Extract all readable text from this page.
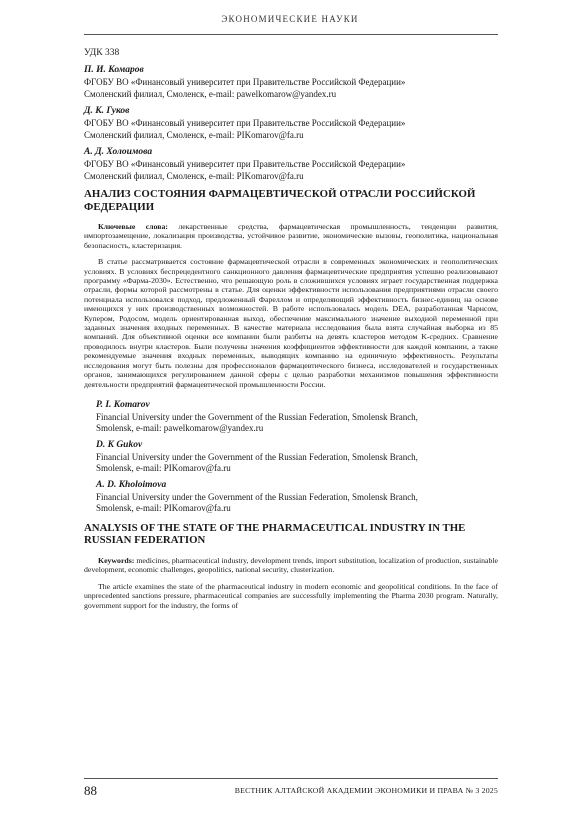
ЭКОНОМИЧЕСКИЕ НАУКИ
УДК 338
П. И. Комаров
ФГОБУ ВО «Финансовый университет при Правительстве Российской Федерации»
Смоленский филиал, Смоленск, e-mail: pawelkomarow@yandex.ru
Д. К. Гуков
ФГОБУ ВО «Финансовый университет при Правительстве Российской Федерации»
Смоленский филиал, Смоленск, e-mail: PIKomarov@fa.ru
А. Д. Холоимова
ФГОБУ ВО «Финансовый университет при Правительстве Российской Федерации»
Смоленский филиал, Смоленск, e-mail: PIKomarov@fa.ru
АНАЛИЗ СОСТОЯНИЯ ФАРМАЦЕВТИЧЕСКОЙ ОТРАСЛИ РОССИЙСКОЙ ФЕДЕРАЦИИ

Ключевые слова: лекарственные средства, фармацевтическая промышленность, тенденции развития, импортозамещение, локализация производства, устойчивое развитие, экономические вызовы, геополитика, национальная безопасность, кластеризация.

В статье рассматривается состояние фармацевтической отрасли в современных экономических и геополитических условиях. В условиях беспрецедентного санкционного давления фармацевтические предприятия успешно реализовывают программу «Фарма-2030». Естественно, что решающую роль в сложившихся условиях играет государственная поддержка отрасли, формы которой рассмотрены в статье. Для оценки эффективности использования предприятиями отрасли своего потенциала использовался подход, предложенный Фареллом и определяющий эффективность бизнес-единиц на основе имеющихся у них производственных возможностей. В работе использовалась модель DEA, разработанная Чарнсом, Купером, Родосом, модель ориентированная выход, обеспечение максимального значение выходной переменной при заданных значения входных переменных. В качестве материала исследования была взята случайная выборка из 85 компаний. Для объективной оценки все компании были разбиты на девять кластеров методом K-средних. Сравнение проводилось внутри кластеров. Были получены значения коэффициентов эффективности для каждой компании, а также рекомендуемые значения входных переменных, выводящих компанию на единичную эффективность. Результаты исследования могут быть полезны для профессионалов фармацевтического бизнеса, исследователей и государственных органов, занимающихся регулированием данной сферы с целью разработки механизмов повышения эффективности деятельности предприятий фармацевтической промышленности России.

P. I. Komarov
Financial University under the Government of the Russian Federation, Smolensk Branch,
Smolensk, e-mail: pawelkomarow@yandex.ru
D. K Gukov
Financial University under the Government of the Russian Federation, Smolensk Branch,
Smolensk, e-mail: PIKomarov@fa.ru
A. D. Kholoimova
Financial University under the Government of the Russian Federation, Smolensk Branch,
Smolensk, e-mail: PIKomarov@fa.ru
ANALYSIS OF THE STATE OF THE PHARMACEUTICAL INDUSTRY IN THE RUSSIAN FEDERATION

Keywords: medicines, pharmaceutical industry, development trends, import substitution, localization of production, sustainable development, economic challenges, geopolitics, national security, clusterization.

The article examines the state of the pharmaceutical industry in modern economic and geopolitical conditions. In the face of unprecedented sanctions pressure, pharmaceutical companies are successfully implementing the Pharma 2030 program. Naturally, government support for the industry, the forms of

88	ВЕСТНИК АЛТАЙСКОЙ АКАДЕМИИ ЭКОНОМИКИ И ПРАВА № 3 2025
